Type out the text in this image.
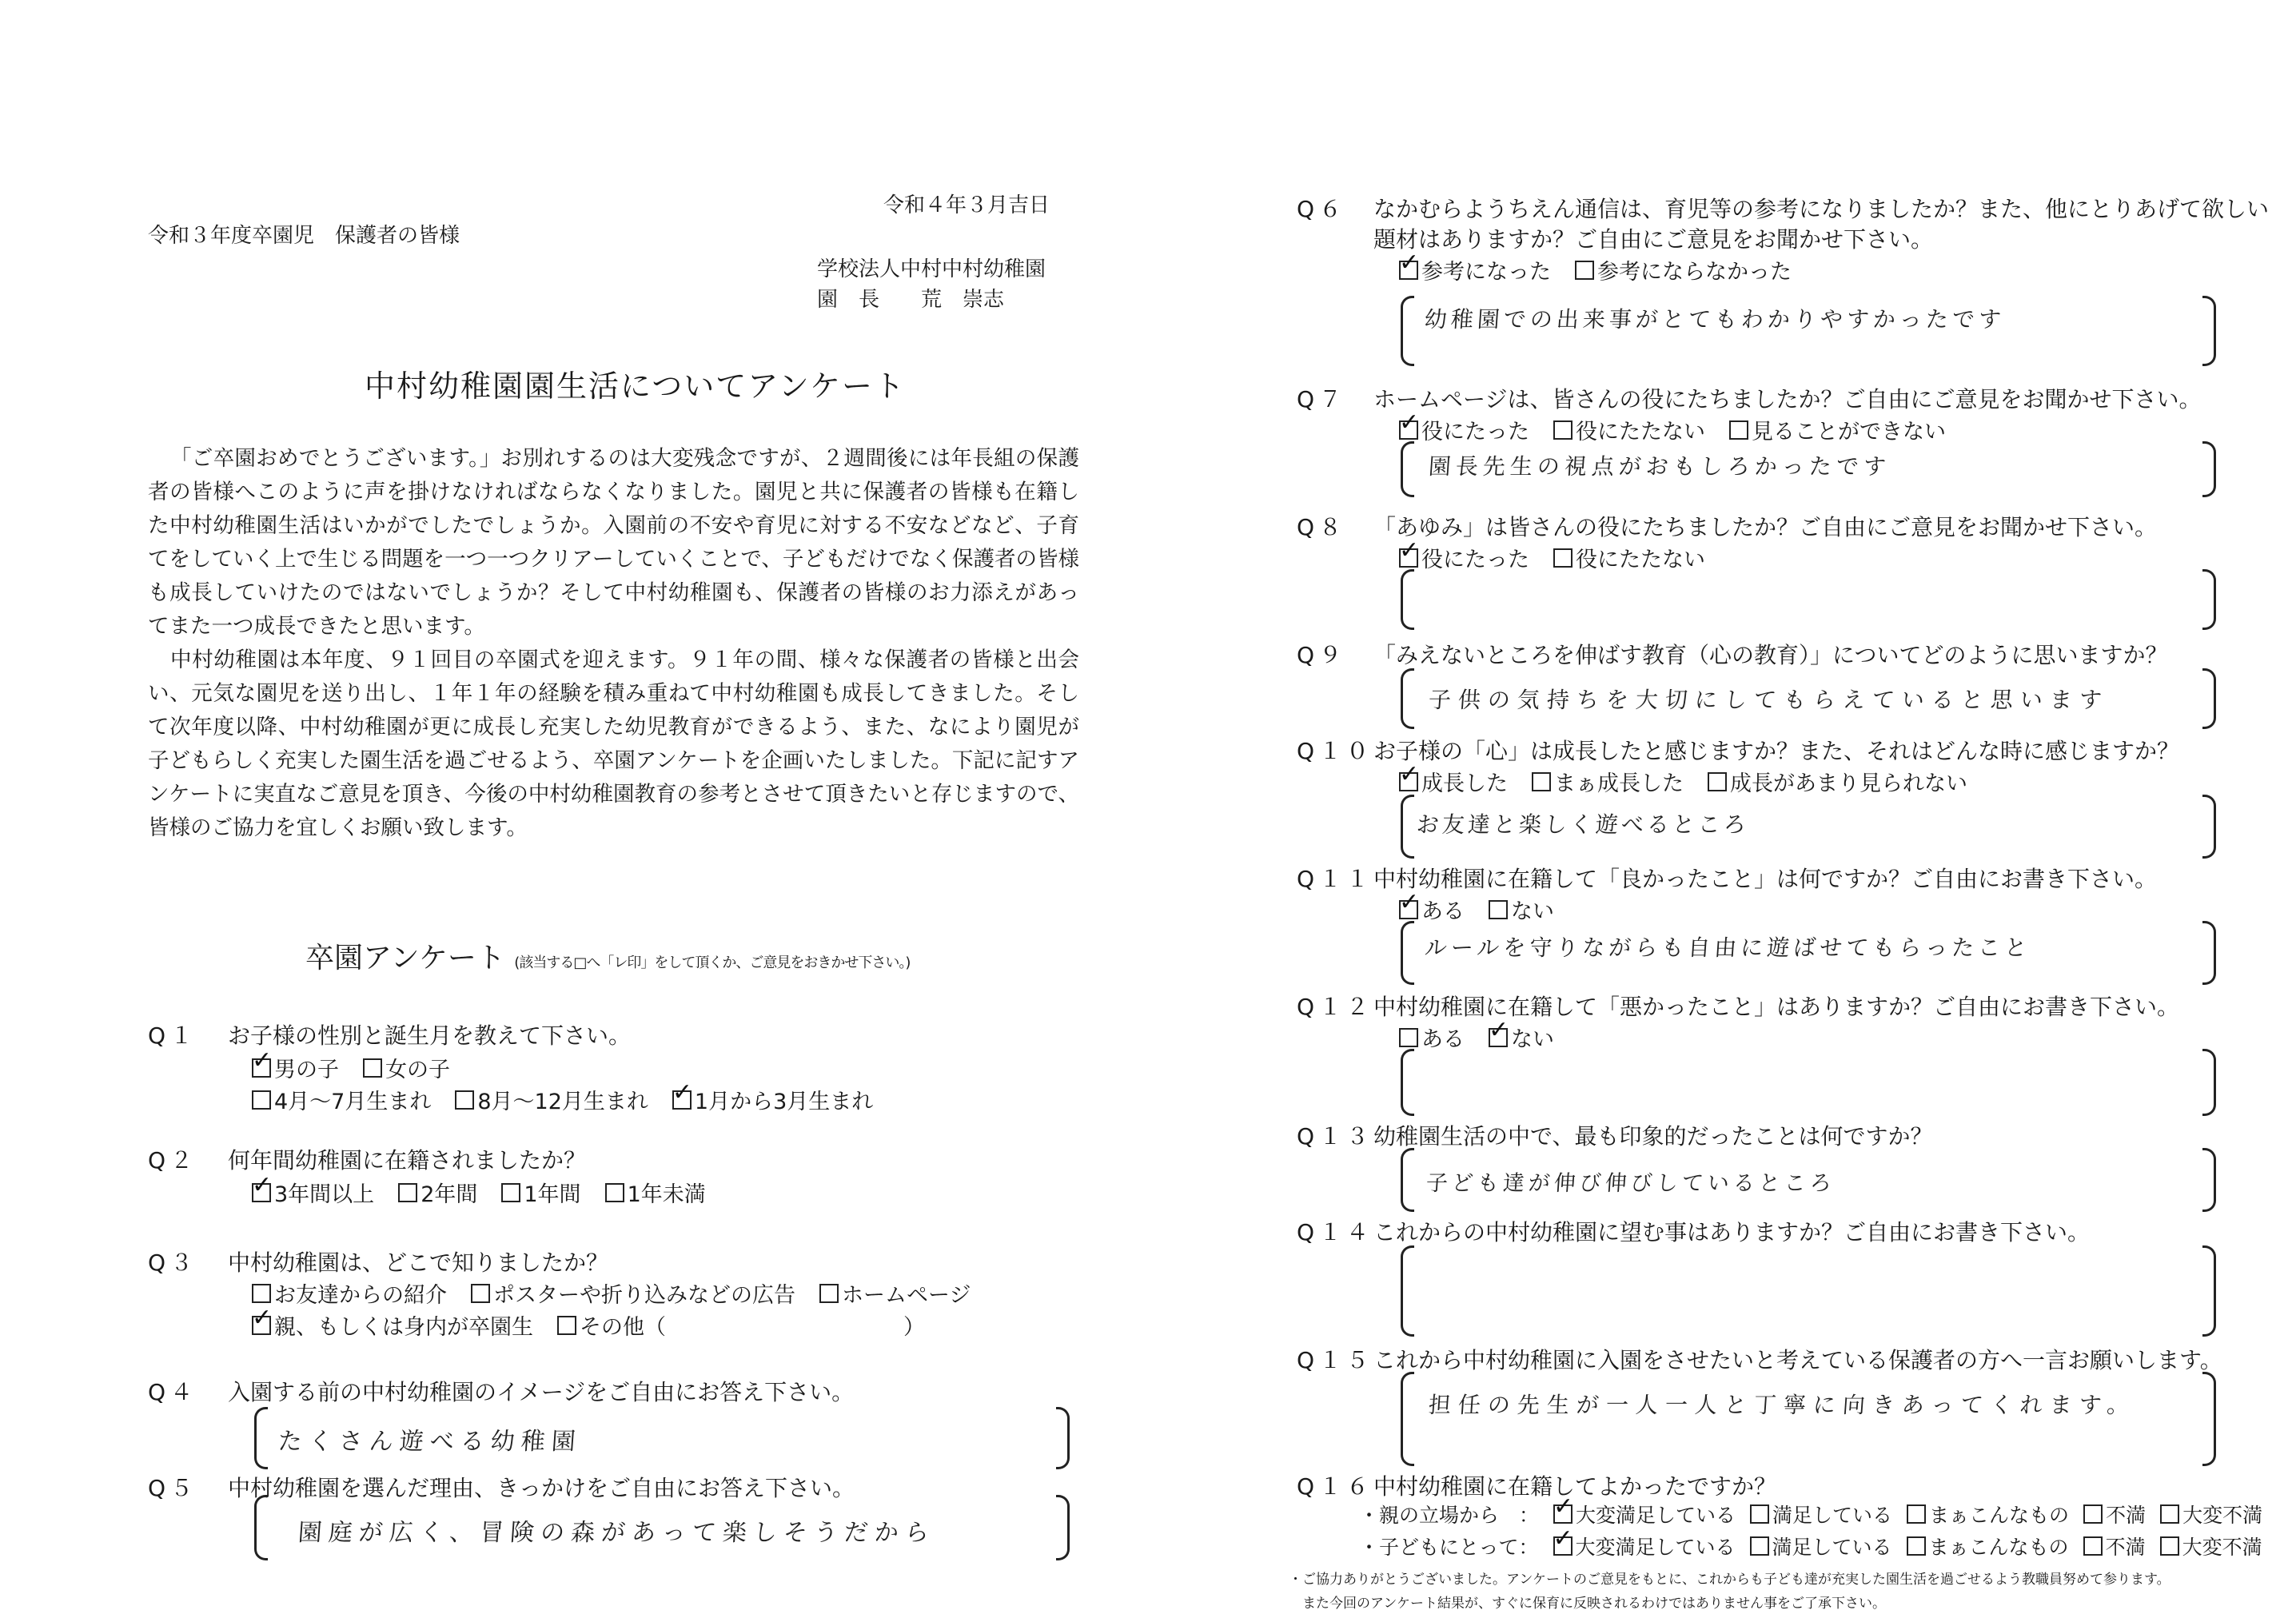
令和４年３月吉日
令和３年度卒園児　保護者の皆様
学校法人中村中村幼稚園
園　長　　荒　崇志
中村幼稚園園生活についてアンケート

「ご卒園おめでとうございます。」お別れするのは大変残念ですが、２週間後には年長組の保護者の皆様へこのように声を掛けなければならなくなりました。園児と共に保護者の皆様も在籍した中村幼稚園生活はいかがでしたでしょうか。入園前の不安や育児に対する不安などなど、子育てをしていく上で生じる問題を一つ一つクリアーしていくことで、子どもだけでなく保護者の皆様も成長していけたのではないでしょうか？そして中村幼稚園も、保護者の皆様のお力添えがあってまた一つ成長できたと思います。

中村幼稚園は本年度、９１回目の卒園式を迎えます。９１年の間、様々な保護者の皆様と出会い、元気な園児を送り出し、１年１年の経験を積み重ねて中村幼稚園も成長してきました。そして次年度以降、中村幼稚園が更に成長し充実した幼児教育ができるよう、また、なにより園児が子どもらしく充実した園生活を過ごせるよう、卒園アンケートを企画いたしました。下記に記すアンケートに実直なご意見を頂き、今後の中村幼稚園教育の参考とさせて頂きたいと存じますので、皆様のご協力を宜しくお願い致します。

卒園アンケート (該当する□へ「レ印」をして頂くか、ご意見をおきかせ下さい。)
Q１ お子様の性別と誕生月を教えて下さい。
✓
男の子 女の子
4月～7月生まれ 8月～12月生まれ ✓ 1月から3月生まれ
Q２ 何年間幼稚園に在籍されましたか？
✓
3年間以上 2年間 1年間 1年未満
Q３ 中村幼稚園は、どこで知りましたか？
お友達からの紹介 ポスターや折り込みなどの広告 ホームページ
✓
親、もしくは身内が卒園生 その他（　　　　　　　　　　　）
Q４ 入園する前の中村幼稚園のイメージをご自由にお答え下さい。
たくさん遊べる幼稚園
Q５ 中村幼稚園を選んだ理由、きっかけをご自由にお答え下さい。
園庭が広く、冒険の森があって楽しそうだから
Q６ なかむらようちえん通信は、育児等の参考になりましたか？また、他にとりあげて欲しい
題材はありますか？ご自由にご意見をお聞かせ下さい。
✓
参考になった 参考にならなかった
幼稚園での出来事がとてもわかりやすかったです
Q７ ホームページは、皆さんの役にたちましたか？ご自由にご意見をお聞かせ下さい。
✓
役にたった 役にたたない 見ることができない
園長先生の視点がおもしろかったです
Q８ 「あゆみ」は皆さんの役にたちましたか？ご自由にご意見をお聞かせ下さい。
✓
役にたった 役にたたない
Q９ 「みえないところを伸ばす教育（心の教育）」についてどのように思いますか？
子供の気持ちを大切にしてもらえていると思います
Q１０ お子様の「心」は成長したと感じますか？また、それはどんな時に感じますか？
✓
成長した まぁ成長した 成長があまり見られない
お友達と楽しく遊べるところ
Q１１ 中村幼稚園に在籍して「良かったこと」は何ですか？ご自由にお書き下さい。
✓
ある ない
ルールを守りながらも自由に遊ばせてもらったこと
Q１２ 中村幼稚園に在籍して「悪かったこと」はありますか？ご自由にお書き下さい。
ある ✓ ない
Q１３ 幼稚園生活の中で、最も印象的だったことは何ですか？
子ども達が伸び伸びしているところ
Q１４ これからの中村幼稚園に望む事はありますか？ご自由にお書き下さい。
Q１５ これから中村幼稚園に入園をさせたいと考えている保護者の方へ一言お願いします。
担任の先生が一人一人と丁寧に向きあってくれます。
Q１６ 中村幼稚園に在籍してよかったですか？
・親の立場から　： ✓ 大変満足している 満足している まぁこんなもの 不満 大変不満
・子どもにとって： ✓ 大変満足している 満足している まぁこんなもの 不満 大変不満
・ご協力ありがとうございました。アンケートのご意見をもとに、これからも子ども達が充実した園生活を過ごせるよう教職員努めて参ります。
　また今回のアンケート結果が、すぐに保育に反映されるわけではありません事をご了承下さい。
